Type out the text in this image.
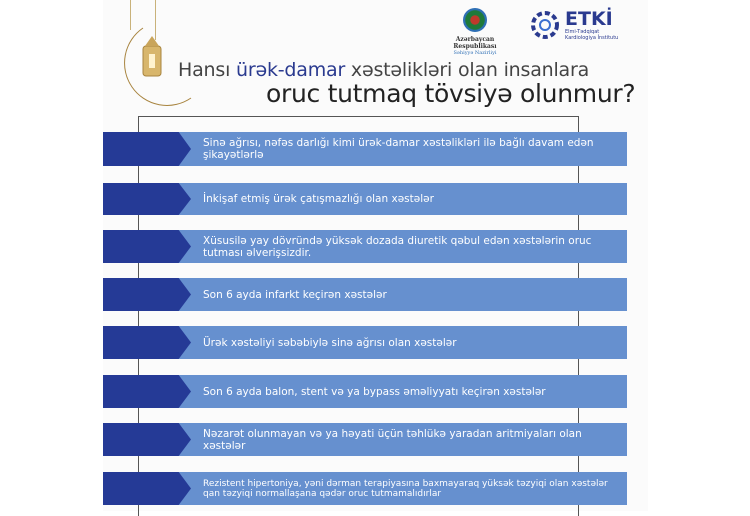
Azərbaycan Respublikası
Səhiyyə Nazirliyi
ETKİ
Elmi-Tədqiqat
Kardiologiya İnstitutu
Hansı ürək-damar xəstəlikləri olan insanlara
oruc tutmaq tövsiyə olunmur?
Sinə ağrısı, nəfəs darlığı kimi ürək-damar xəstəlikləri ilə bağlı davam edən şikayətlərlə
İnkişaf etmiş ürək çatışmazlığı olan xəstələr
Xüsusilə yay dövründə yüksək dozada diuretik qəbul edən xəstələrin oruc tutması əlverişsizdir.
Son 6 ayda infarkt keçirən xəstələr
Ürək xəstəliyi səbəbiylə sinə ağrısı olan xəstələr
Son 6 ayda balon, stent və ya bypass əməliyyatı keçirən xəstələr
Nəzarət olunmayan və ya həyati üçün təhlükə yaradan aritmiyaları olan xəstələr
Rezistent hipertoniya, yəni dərman terapiyasına baxmayaraq yüksək təzyiqi olan xəstələr qan təzyiqi normallaşana qədər oruc tutmamalıdırlar
